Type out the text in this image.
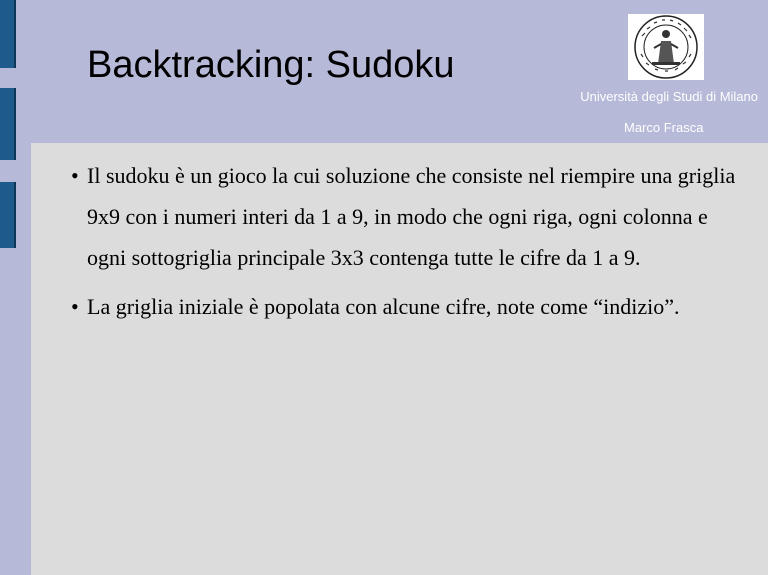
Backtracking: Sudoku
Università degli Studi di Milano
Marco Frasca
• Il sudoku è un gioco la cui soluzione che consiste nel riempire una griglia 9x9 con i numeri interi da 1 a 9, in modo che ogni riga, ogni colonna e ogni sottogriglia principale 3x3 contenga tutte le cifre da 1 a 9.
• La griglia iniziale è popolata con alcune cifre, note come “indizio”.
